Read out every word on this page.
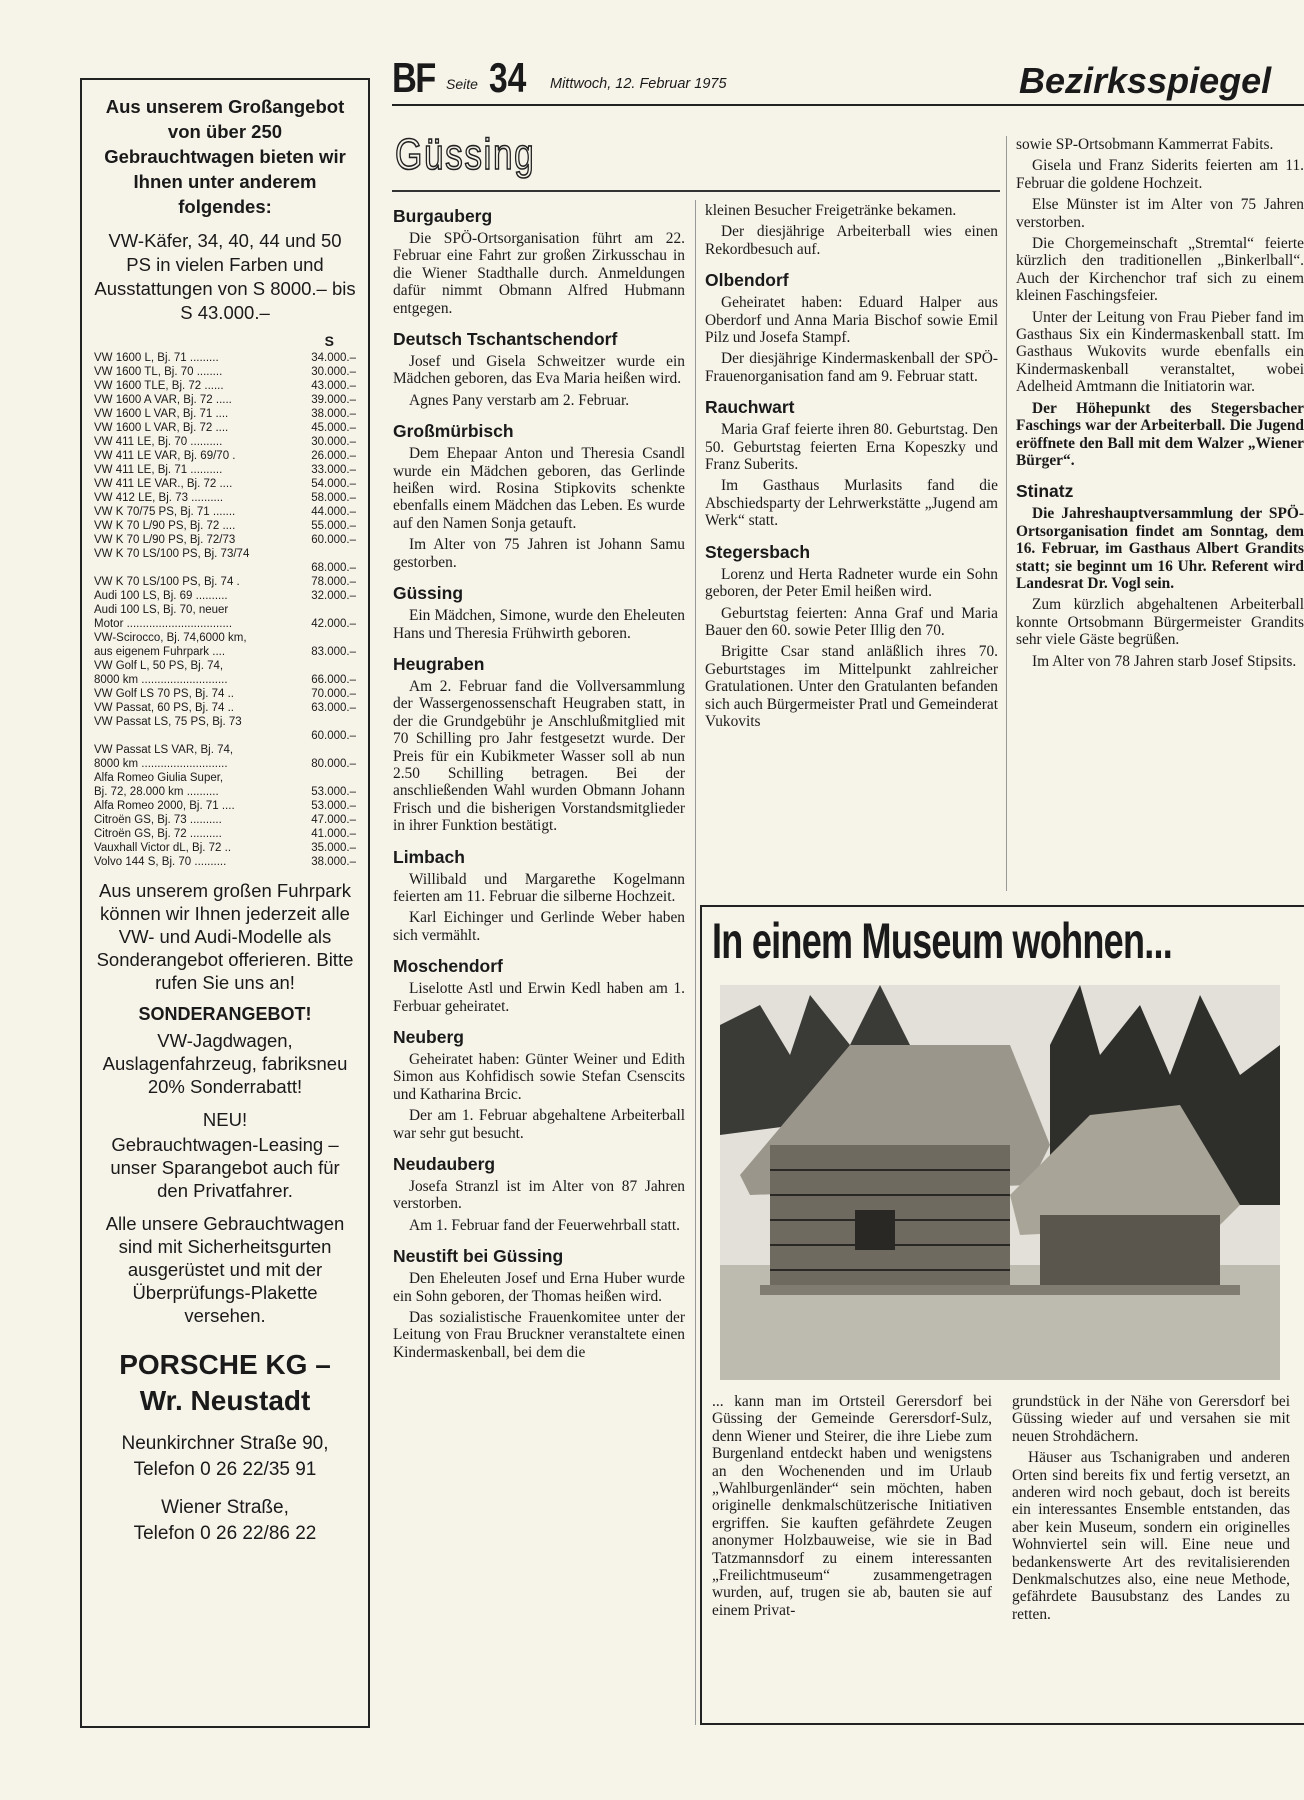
BF Seite 34 Mittwoch, 12. Februar 1975	Bezirksspiegel
Aus unserem Großangebot von über 250 Gebrauchtwagen bieten wir Ihnen unter anderem folgendes:
VW-Käfer, 34, 40, 44 und 50 PS in vielen Farben und Ausstattungen von S 8000.– bis S 43.000.–
S
VW 1600 L, Bj. 71 .........	34.000.–
VW 1600 TL, Bj. 70 ........	30.000.–
VW 1600 TLE, Bj. 72 ......	43.000.–
VW 1600 A VAR, Bj. 72 .....	39.000.–
VW 1600 L VAR, Bj. 71 ....	38.000.–
VW 1600 L VAR, Bj. 72 ....	45.000.–
VW 411 LE, Bj. 70 ..........	30.000.–
VW 411 LE VAR, Bj. 69/70 .	26.000.–
VW 411 LE, Bj. 71 ..........	33.000.–
VW 411 LE VAR., Bj. 72 ....	54.000.–
VW 412 LE, Bj. 73 ..........	58.000.–
VW K 70/75 PS, Bj. 71 .......	44.000.–
VW K 70 L/90 PS, Bj. 72 ....	55.000.–
VW K 70 L/90 PS, Bj. 72/73	60.000.–
VW K 70 LS/100 PS, Bj. 73/74	
	68.000.–
VW K 70 LS/100 PS, Bj. 74 .	78.000.–
Audi 100 LS, Bj. 69 ..........	32.000.–
Audi 100 LS, Bj. 70, neuer	
Motor .................................	42.000.–
VW-Scirocco, Bj. 74,6000 km,	
aus eigenem Fuhrpark ....	83.000.–
VW Golf L, 50 PS, Bj. 74,	
8000 km ...........................	66.000.–
VW Golf LS 70 PS, Bj. 74 ..	70.000.–
VW Passat, 60 PS, Bj. 74 ..	63.000.–
VW Passat LS, 75 PS, Bj. 73	
	60.000.–
VW Passat LS VAR, Bj. 74,	
8000 km ...........................	80.000.–
Alfa Romeo Giulia Super,	
Bj. 72, 28.000 km ..........	53.000.–
Alfa Romeo 2000, Bj. 71 ....	53.000.–
Citroën GS, Bj. 73 ..........	47.000.–
Citroën GS, Bj. 72 ..........	41.000.–
Vauxhall Victor dL, Bj. 72 ..	35.000.–
Volvo 144 S, Bj. 70 ..........	38.000.–
Aus unserem großen Fuhrpark können wir Ihnen jederzeit alle VW- und Audi-Modelle als Sonderangebot offerieren. Bitte rufen Sie uns an!
SONDERANGEBOT!
VW-Jagdwagen, Auslagenfahrzeug, fabriksneu 20% Sonderrabatt!
NEU!
Gebrauchtwagen-Leasing – unser Sparangebot auch für den Privatfahrer.
Alle unsere Gebrauchtwagen sind mit Sicherheitsgurten ausgerüstet und mit der Überprüfungs-Plakette versehen.
PORSCHE KG –
Wr. Neustadt
Neunkirchner Straße 90,
Telefon 0 26 22/35 91
Wiener Straße,
Telefon 0 26 22/86 22
Güssing
Burgauberg

Die SPÖ-Ortsorganisation führt am 22. Februar eine Fahrt zur großen Zirkusschau in die Wiener Stadthalle durch. Anmeldungen dafür nimmt Obmann Alfred Hubmann entgegen.

Deutsch Tschantschendorf

Josef und Gisela Schweitzer wurde ein Mädchen geboren, das Eva Maria heißen wird.

Agnes Pany verstarb am 2. Februar.

Großmürbisch

Dem Ehepaar Anton und Theresia Csandl wurde ein Mädchen geboren, das Gerlinde heißen wird. Rosina Stipkovits schenkte ebenfalls einem Mädchen das Leben. Es wurde auf den Namen Sonja getauft.

Im Alter von 75 Jahren ist Johann Samu gestorben.

Güssing

Ein Mädchen, Simone, wurde den Eheleuten Hans und Theresia Frühwirth geboren.

Heugraben

Am 2. Februar fand die Vollversammlung der Wassergenossenschaft Heugraben statt, in der die Grundgebühr je Anschlußmitglied mit 70 Schilling pro Jahr festgesetzt wurde. Der Preis für ein Kubikmeter Wasser soll ab nun 2.50 Schilling betragen. Bei der anschließenden Wahl wurden Obmann Johann Frisch und die bisherigen Vorstandsmitglieder in ihrer Funktion bestätigt.

Limbach

Willibald und Margarethe Kogelmann feierten am 11. Februar die silberne Hochzeit.

Karl Eichinger und Gerlinde Weber haben sich vermählt.

Moschendorf

Liselotte Astl und Erwin Kedl haben am 1. Ferbuar geheiratet.

Neuberg

Geheiratet haben: Günter Weiner und Edith Simon aus Kohfidisch sowie Stefan Csenscits und Katharina Brcic.

Der am 1. Februar abgehaltene Arbeiterball war sehr gut besucht.

Neudauberg

Josefa Stranzl ist im Alter von 87 Jahren verstorben.

Am 1. Februar fand der Feuerwehrball statt.

Neustift bei Güssing

Den Eheleuten Josef und Erna Huber wurde ein Sohn geboren, der Thomas heißen wird.

Das sozialistische Frauenkomitee unter der Leitung von Frau Bruckner veranstaltete einen Kindermaskenball, bei dem die

kleinen Besucher Freigetränke bekamen.

Der diesjährige Arbeiterball wies einen Rekordbesuch auf.

Olbendorf

Geheiratet haben: Eduard Halper aus Oberdorf und Anna Maria Bischof sowie Emil Pilz und Josefa Stampf.

Der diesjährige Kindermaskenball der SPÖ-Frauenorganisation fand am 9. Februar statt.

Rauchwart

Maria Graf feierte ihren 80. Geburtstag. Den 50. Geburtstag feierten Erna Kopeszky und Franz Suberits.

Im Gasthaus Murlasits fand die Abschiedsparty der Lehrwerkstätte „Jugend am Werk“ statt.

Stegersbach

Lorenz und Herta Radneter wurde ein Sohn geboren, der Peter Emil heißen wird.

Geburtstag feierten: Anna Graf und Maria Bauer den 60. sowie Peter Illig den 70.

Brigitte Csar stand anläßlich ihres 70. Geburtstages im Mittelpunkt zahlreicher Gratulationen. Unter den Gratulanten befanden sich auch Bürgermeister Pratl und Gemeinderat Vukovits

sowie SP-Ortsobmann Kammerrat Fabits.

Gisela und Franz Siderits feierten am 11. Februar die goldene Hochzeit.

Else Münster ist im Alter von 75 Jahren verstorben.

Die Chorgemeinschaft „Stremtal“ feierte kürzlich den traditionellen „Binkerlball“. Auch der Kirchenchor traf sich zu einem kleinen Faschingsfeier.

Unter der Leitung von Frau Pieber fand im Gasthaus Six ein Kindermaskenball statt. Im Gasthaus Wukovits wurde ebenfalls ein Kindermaskenball veranstaltet, wobei Adelheid Amtmann die Initiatorin war.

Der Höhepunkt des Stegersbacher Faschings war der Arbeiterball. Die Jugend eröffnete den Ball mit dem Walzer „Wiener Bürger“.

Stinatz

Die Jahreshauptversammlung der SPÖ-Ortsorganisation findet am Sonntag, dem 16. Februar, im Gasthaus Albert Grandits statt; sie beginnt um 16 Uhr. Referent wird Landesrat Dr. Vogl sein.

Zum kürzlich abgehaltenen Arbeiterball konnte Ortsobmann Bürgermeister Grandits sehr viele Gäste begrüßen.

Im Alter von 78 Jahren starb Josef Stipsits.

In einem Museum wohnen...

... kann man im Ortsteil Gerersdorf bei Güssing der Gemeinde Gerersdorf-Sulz, denn Wiener und Steirer, die ihre Liebe zum Burgenland entdeckt haben und wenigstens an den Wochenenden und im Urlaub „Wahlburgenländer“ sein möchten, haben originelle denkmalschützerische Initiativen ergriffen. Sie kauften gefährdete Zeugen anonymer Holzbauweise, wie sie in Bad Tatzmannsdorf zu einem interessanten „Freilichtmuseum“ zusammengetragen wurden, auf, trugen sie ab, bauten sie auf einem Privat-

grundstück in der Nähe von Gerersdorf bei Güssing wieder auf und versahen sie mit neuen Strohdächern.

Häuser aus Tschanigraben und anderen Orten sind bereits fix und fertig versetzt, an anderen wird noch gebaut, doch ist bereits ein interessantes Ensemble entstanden, das aber kein Museum, sondern ein originelles Wohnviertel sein will. Eine neue und bedankenswerte Art des revitalisierenden Denkmalschutzes also, eine neue Methode, gefährdete Bausubstanz des Landes zu retten.
